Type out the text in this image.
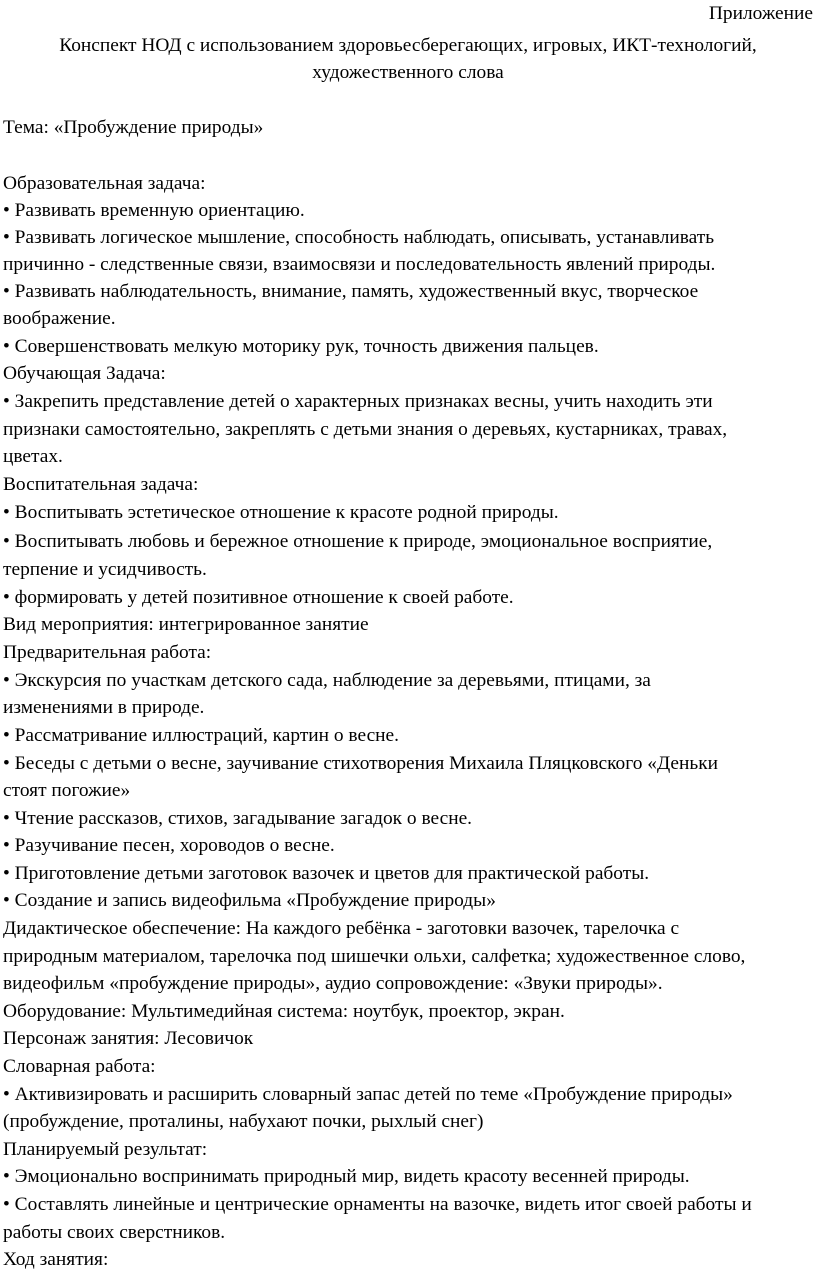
Приложение
Конспект НОД с использованием здоровьесберегающих, игровых, ИКТ-технологий,
художественного слова
Тема: «Пробуждение природы»
Образовательная задача:
• Развивать временную ориентацию.
• Развивать логическое мышление, способность наблюдать, описывать, устанавливать
причинно - следственные связи, взаимосвязи и последовательность явлений природы.
• Развивать наблюдательность, внимание, память, художественный вкус, творческое
воображение.
• Совершенствовать мелкую моторику рук, точность движения пальцев.
Обучающая Задача:
• Закрепить представление детей о характерных признаках весны, учить находить эти
признаки самостоятельно, закреплять с детьми знания о деревьях, кустарниках, травах,
цветах.
Воспитательная задача:
• Воспитывать эстетическое отношение к красоте родной природы.
• Воспитывать любовь и бережное отношение к природе, эмоциональное восприятие,
терпение и усидчивость.
• формировать у детей позитивное отношение к своей работе.
Вид мероприятия: интегрированное занятие
Предварительная работа:
• Экскурсия по участкам детского сада, наблюдение за деревьями, птицами, за
изменениями в природе.
• Рассматривание иллюстраций, картин о весне.
• Беседы с детьми о весне, заучивание стихотворения Михаила Пляцковского «Деньки
стоят погожие»
• Чтение рассказов, стихов, загадывание загадок о весне.
• Разучивание песен, хороводов о весне.
• Приготовление детьми заготовок вазочек и цветов для практической работы.
• Создание и запись видеофильма «Пробуждение природы»
Дидактическое обеспечение: На каждого ребёнка - заготовки вазочек, тарелочка с
природным материалом, тарелочка под шишечки ольхи, салфетка; художественное слово,
видеофильм «пробуждение природы», аудио сопровождение: «Звуки природы».
Оборудование: Мультимедийная система: ноутбук, проектор, экран.
Персонаж занятия: Лесовичок
Словарная работа:
• Активизировать и расширить словарный запас детей по теме «Пробуждение природы»
(пробуждение, проталины, набухают почки, рыхлый снег)
Планируемый результат:
• Эмоционально воспринимать природный мир, видеть красоту весенней природы.
• Составлять линейные и центрические орнаменты на вазочке, видеть итог своей работы и
работы своих сверстников.
Ход занятия:
